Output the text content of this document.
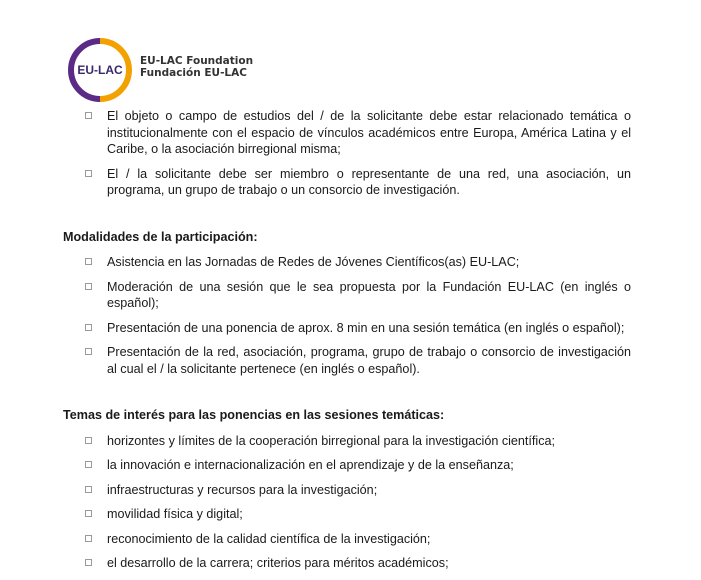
EU-LAC
EU-LAC Foundation
Fundación EU-LAC
El objeto o campo de estudios del / de la solicitante debe estar relacionado temática o institucionalmente con el espacio de vínculos académicos entre Europa, América Latina y el Caribe, o la asociación birregional misma;
El / la solicitante debe ser miembro o representante de una red, una asociación, un programa, un grupo de trabajo o un consorcio de investigación.
Modalidades de la participación:
Asistencia en las Jornadas de Redes de Jóvenes Científicos(as) EU-LAC;
Moderación de una sesión que le sea propuesta por la Fundación EU-LAC (en inglés o español);
Presentación de una ponencia de aprox. 8 min en una sesión temática (en inglés o español);
Presentación de la red, asociación, programa, grupo de trabajo o consorcio de investigación al cual el / la solicitante pertenece (en inglés o español).
Temas de interés para las ponencias en las sesiones temáticas:
horizontes y límites de la cooperación birregional para la investigación científica;
la innovación e internacionalización en el aprendizaje y de la enseñanza;
infraestructuras y recursos para la investigación;
movilidad física y digital;
reconocimiento de la calidad científica de la investigación;
el desarrollo de la carrera; criterios para méritos académicos;
